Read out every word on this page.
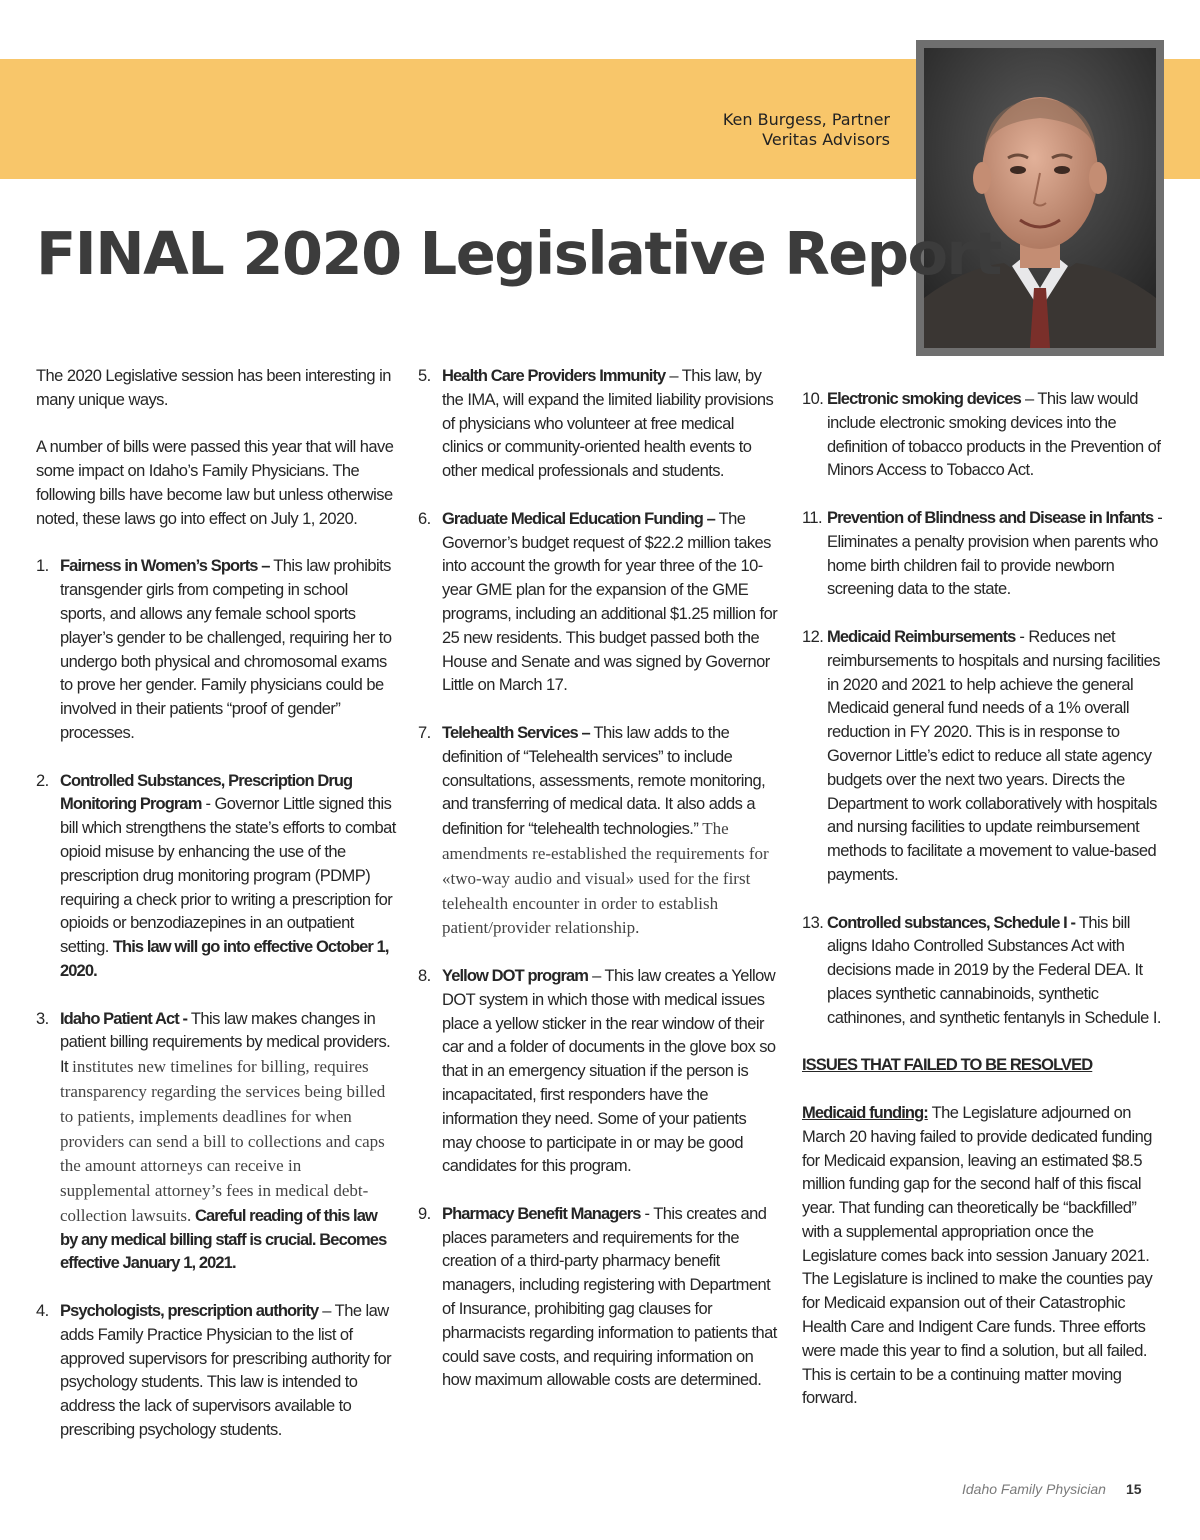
Ken Burgess, Partner
Veritas Advisors
FINAL 2020 Legislative Report

The 2020 Legislative session has been interesting in many unique ways.

A number of bills were passed this year that will have some impact on Idaho’s Family Physicians. The following bills have become law but unless otherwise noted, these laws go into effect on July 1, 2020.

1. Fairness in Women’s Sports – This law prohibits transgender girls from competing in school sports, and allows any female school sports player’s gender to be challenged, requiring her to undergo both physical and chromosomal exams to prove her gender. Family physicians could be involved in their patients “proof of gender” processes.
2. Controlled Substances, Prescription Drug Monitoring Program - Governor Little signed this bill which strengthens the state’s efforts to combat opioid misuse by enhancing the use of the prescription drug monitoring program (PDMP) requiring a check prior to writing a prescription for opioids or benzodiazepines in an outpatient setting. This law will go into effective October 1, 2020.
3. Idaho Patient Act - This law makes changes in patient billing requirements by medical providers. It institutes new timelines for billing, requires transparency regarding the services being billed to patients, implements deadlines for when providers can send a bill to collections and caps the amount attorneys can receive in supplemental attorney’s fees in medical debt-collection lawsuits. Careful reading of this law by any medical billing staff is crucial. Becomes effective January 1, 2021.
4. Psychologists, prescription authority – The law adds Family Practice Physician to the list of approved supervisors for prescribing authority for psychology students. This law is intended to address the lack of supervisors available to prescribing psychology students.
5. Health Care Providers Immunity – This law, by the IMA, will expand the limited liability provisions of physicians who volunteer at free medical clinics or community-oriented health events to other medical professionals and students.
6. Graduate Medical Education Funding – The Governor’s budget request of $22.2 million takes into account the growth for year three of the 10-year GME plan for the expansion of the GME programs, including an additional $1.25 million for 25 new residents. This budget passed both the House and Senate and was signed by Governor Little on March 17.
7. Telehealth Services – This law adds to the definition of “Telehealth services” to include consultations, assessments, remote monitoring, and transferring of medical data. It also adds a definition for “telehealth technologies.” The amendments re-established the requirements for «two-way audio and visual» used for the first telehealth encounter in order to establish patient/provider relationship.
8. Yellow DOT program – This law creates a Yellow DOT system in which those with medical issues place a yellow sticker in the rear window of their car and a folder of documents in the glove box so that in an emergency situation if the person is incapacitated, first responders have the information they need. Some of your patients may choose to participate in or may be good candidates for this program.
9. Pharmacy Benefit Managers - This creates and places parameters and requirements for the creation of a third-party pharmacy benefit managers, including registering with Department of Insurance, prohibiting gag clauses for pharmacists regarding information to patients that could save costs, and requiring information on how maximum allowable costs are determined.
10. Electronic smoking devices – This law would include electronic smoking devices into the definition of tobacco products in the Prevention of Minors Access to Tobacco Act.
11. Prevention of Blindness and Disease in Infants - Eliminates a penalty provision when parents who home birth children fail to provide newborn screening data to the state.
12. Medicaid Reimbursements - Reduces net reimbursements to hospitals and nursing facilities in 2020 and 2021 to help achieve the general Medicaid general fund needs of a 1% overall reduction in FY 2020. This is in response to Governor Little’s edict to reduce all state agency budgets over the next two years. Directs the Department to work collaboratively with hospitals and nursing facilities to update reimbursement methods to facilitate a movement to value-based payments.
13. Controlled substances, Schedule I - This bill aligns Idaho Controlled Substances Act with decisions made in 2019 by the Federal DEA. It places synthetic cannabinoids, synthetic cathinones, and synthetic fentanyls in Schedule I.

ISSUES THAT FAILED TO BE RESOLVED

Medicaid funding: The Legislature adjourned on March 20 having failed to provide dedicated funding for Medicaid expansion, leaving an estimated $8.5 million funding gap for the second half of this fiscal year. That funding can theoretically be “backfilled” with a supplemental appropriation once the Legislature comes back into session January 2021. The Legislature is inclined to make the counties pay for Medicaid expansion out of their Catastrophic Health Care and Indigent Care funds. Three efforts were made this year to find a solution, but all failed. This is certain to be a continuing matter moving forward.

Idaho Family Physician 15
